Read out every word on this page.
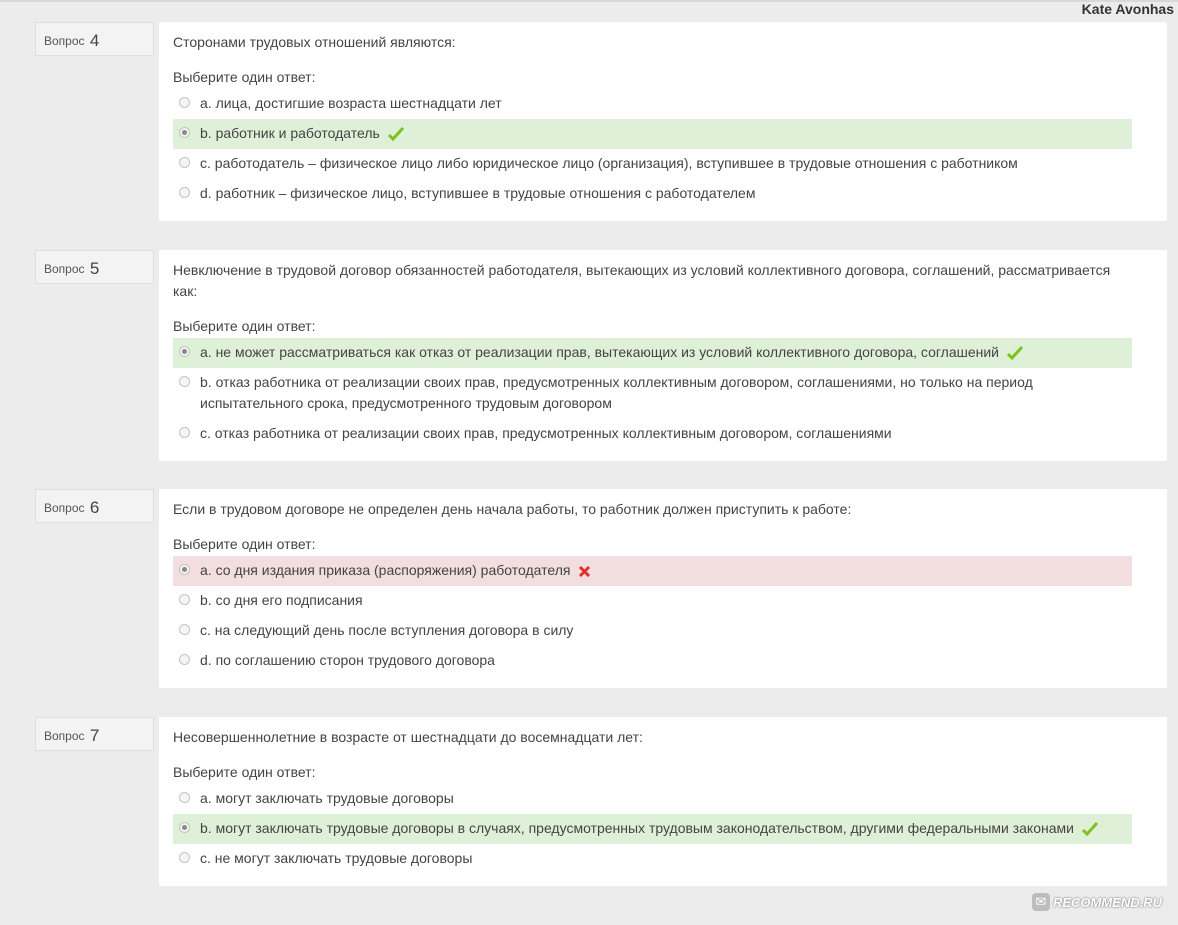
Kate Avonhas
Вопрос 4	Сторонами трудовых отношений являются:
Выберите один ответ:
a. лица, достигшие возраста шестнадцати лет
b. работник и работодатель
c. работодатель – физическое лицо либо юридическое лицо (организация), вступившее в трудовые отношения с работником
d. работник – физическое лицо, вступившее в трудовые отношения с работодателем
Вопрос 5	Невключение в трудовой договор обязанностей работодателя, вытекающих из условий коллективного договора, соглашений, рассматривается как:
Выберите один ответ:
a. не может рассматриваться как отказ от реализации прав, вытекающих из условий коллективного договора, соглашений
b. отказ работника от реализации своих прав, предусмотренных коллективным договором, соглашениями, но только на период испытательного срока, предусмотренного трудовым договором
c. отказ работника от реализации своих прав, предусмотренных коллективным договором, соглашениями
Вопрос 6	Если в трудовом договоре не определен день начала работы, то работник должен приступить к работе:
Выберите один ответ:
a. со дня издания приказа (распоряжения) работодателя
b. со дня его подписания
c. на следующий день после вступления договора в силу
d. по соглашению сторон трудового договора
Вопрос 7	Несовершеннолетние в возрасте от шестнадцати до восемнадцати лет:
Выберите один ответ:
a. могут заключать трудовые договоры
b. могут заключать трудовые договоры в случаях, предусмотренных трудовым законодательством, другими федеральными законами
c. не могут заключать трудовые договоры
✉ RECOMMEND.RU
